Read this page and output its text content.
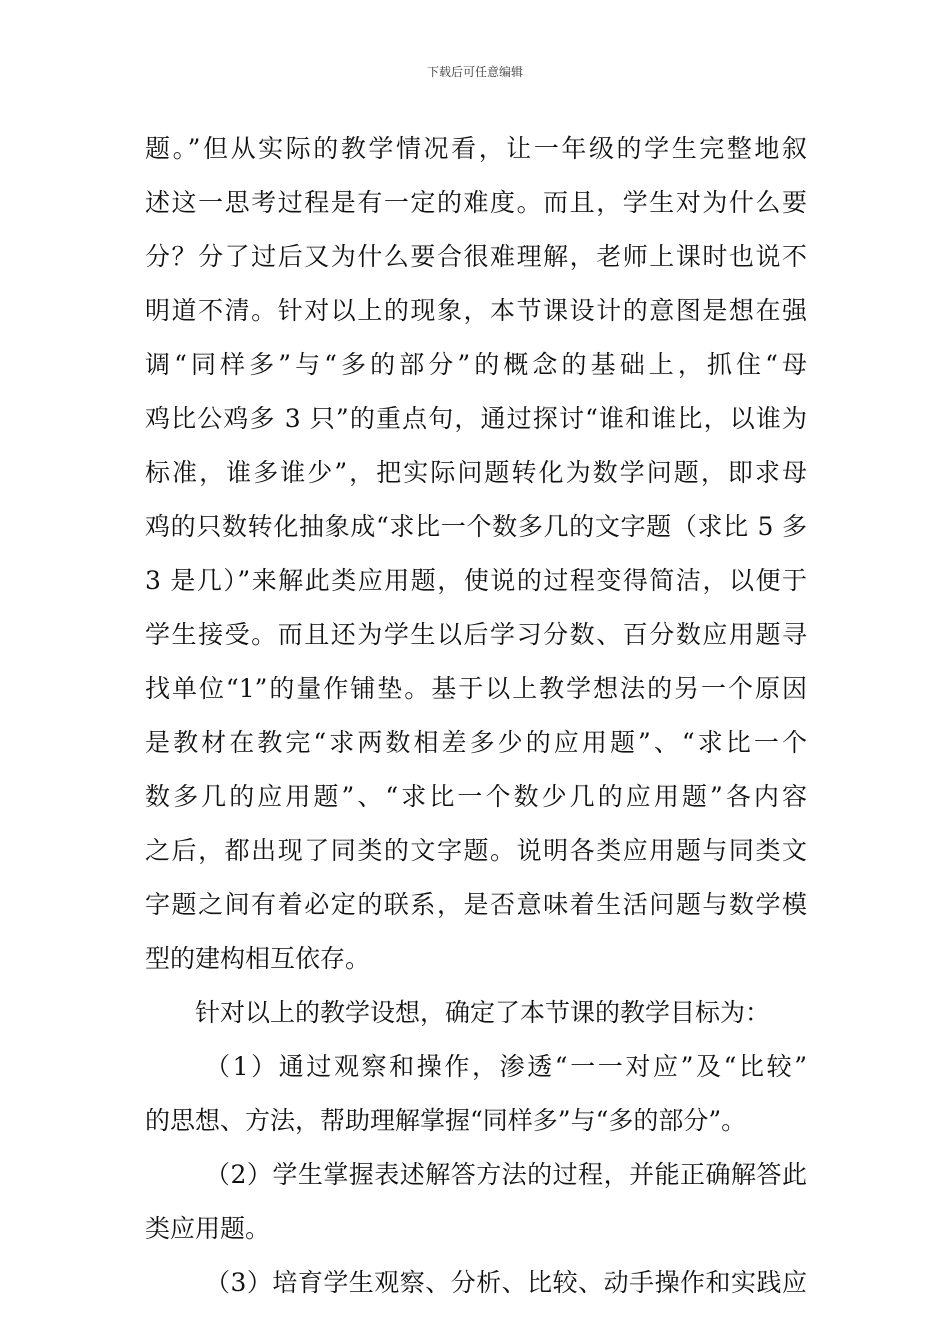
下载后可任意编辑
题。”但从实际的教学情况看，让一年级的学生完整地叙
述这一思考过程是有一定的难度。而且，学生对为什么要
分？分了过后又为什么要合很难理解，老师上课时也说不
明道不清。针对以上的现象，本节课设计的意图是想在强
调“同样多”与“多的部分”的概念的基础上，抓住“母
鸡比公鸡多 3 只”的重点句，通过探讨“谁和谁比，以谁为
标准，谁多谁少”，把实际问题转化为数学问题，即求母
鸡的只数转化抽象成“求比一个数多几的文字题（求比 5 多
3 是几）”来解此类应用题，使说的过程变得简洁，以便于
学生接受。而且还为学生以后学习分数、百分数应用题寻
找单位“1”的量作铺垫。基于以上教学想法的另一个原因
是教材在教完“求两数相差多少的应用题”、“求比一个
数多几的应用题”、“求比一个数少几的应用题”各内容
之后，都出现了同类的文字题。说明各类应用题与同类文
字题之间有着必定的联系，是否意味着生活问题与数学模
型的建构相互依存。
针对以上的教学设想，确定了本节课的教学目标为：
（1）通过观察和操作，渗透“一一对应”及“比较”
的思想、方法，帮助理解掌握“同样多”与“多的部分”。
（2）学生掌握表述解答方法的过程，并能正确解答此
类应用题。
（3）培育学生观察、分析、比较、动手操作和实践应
